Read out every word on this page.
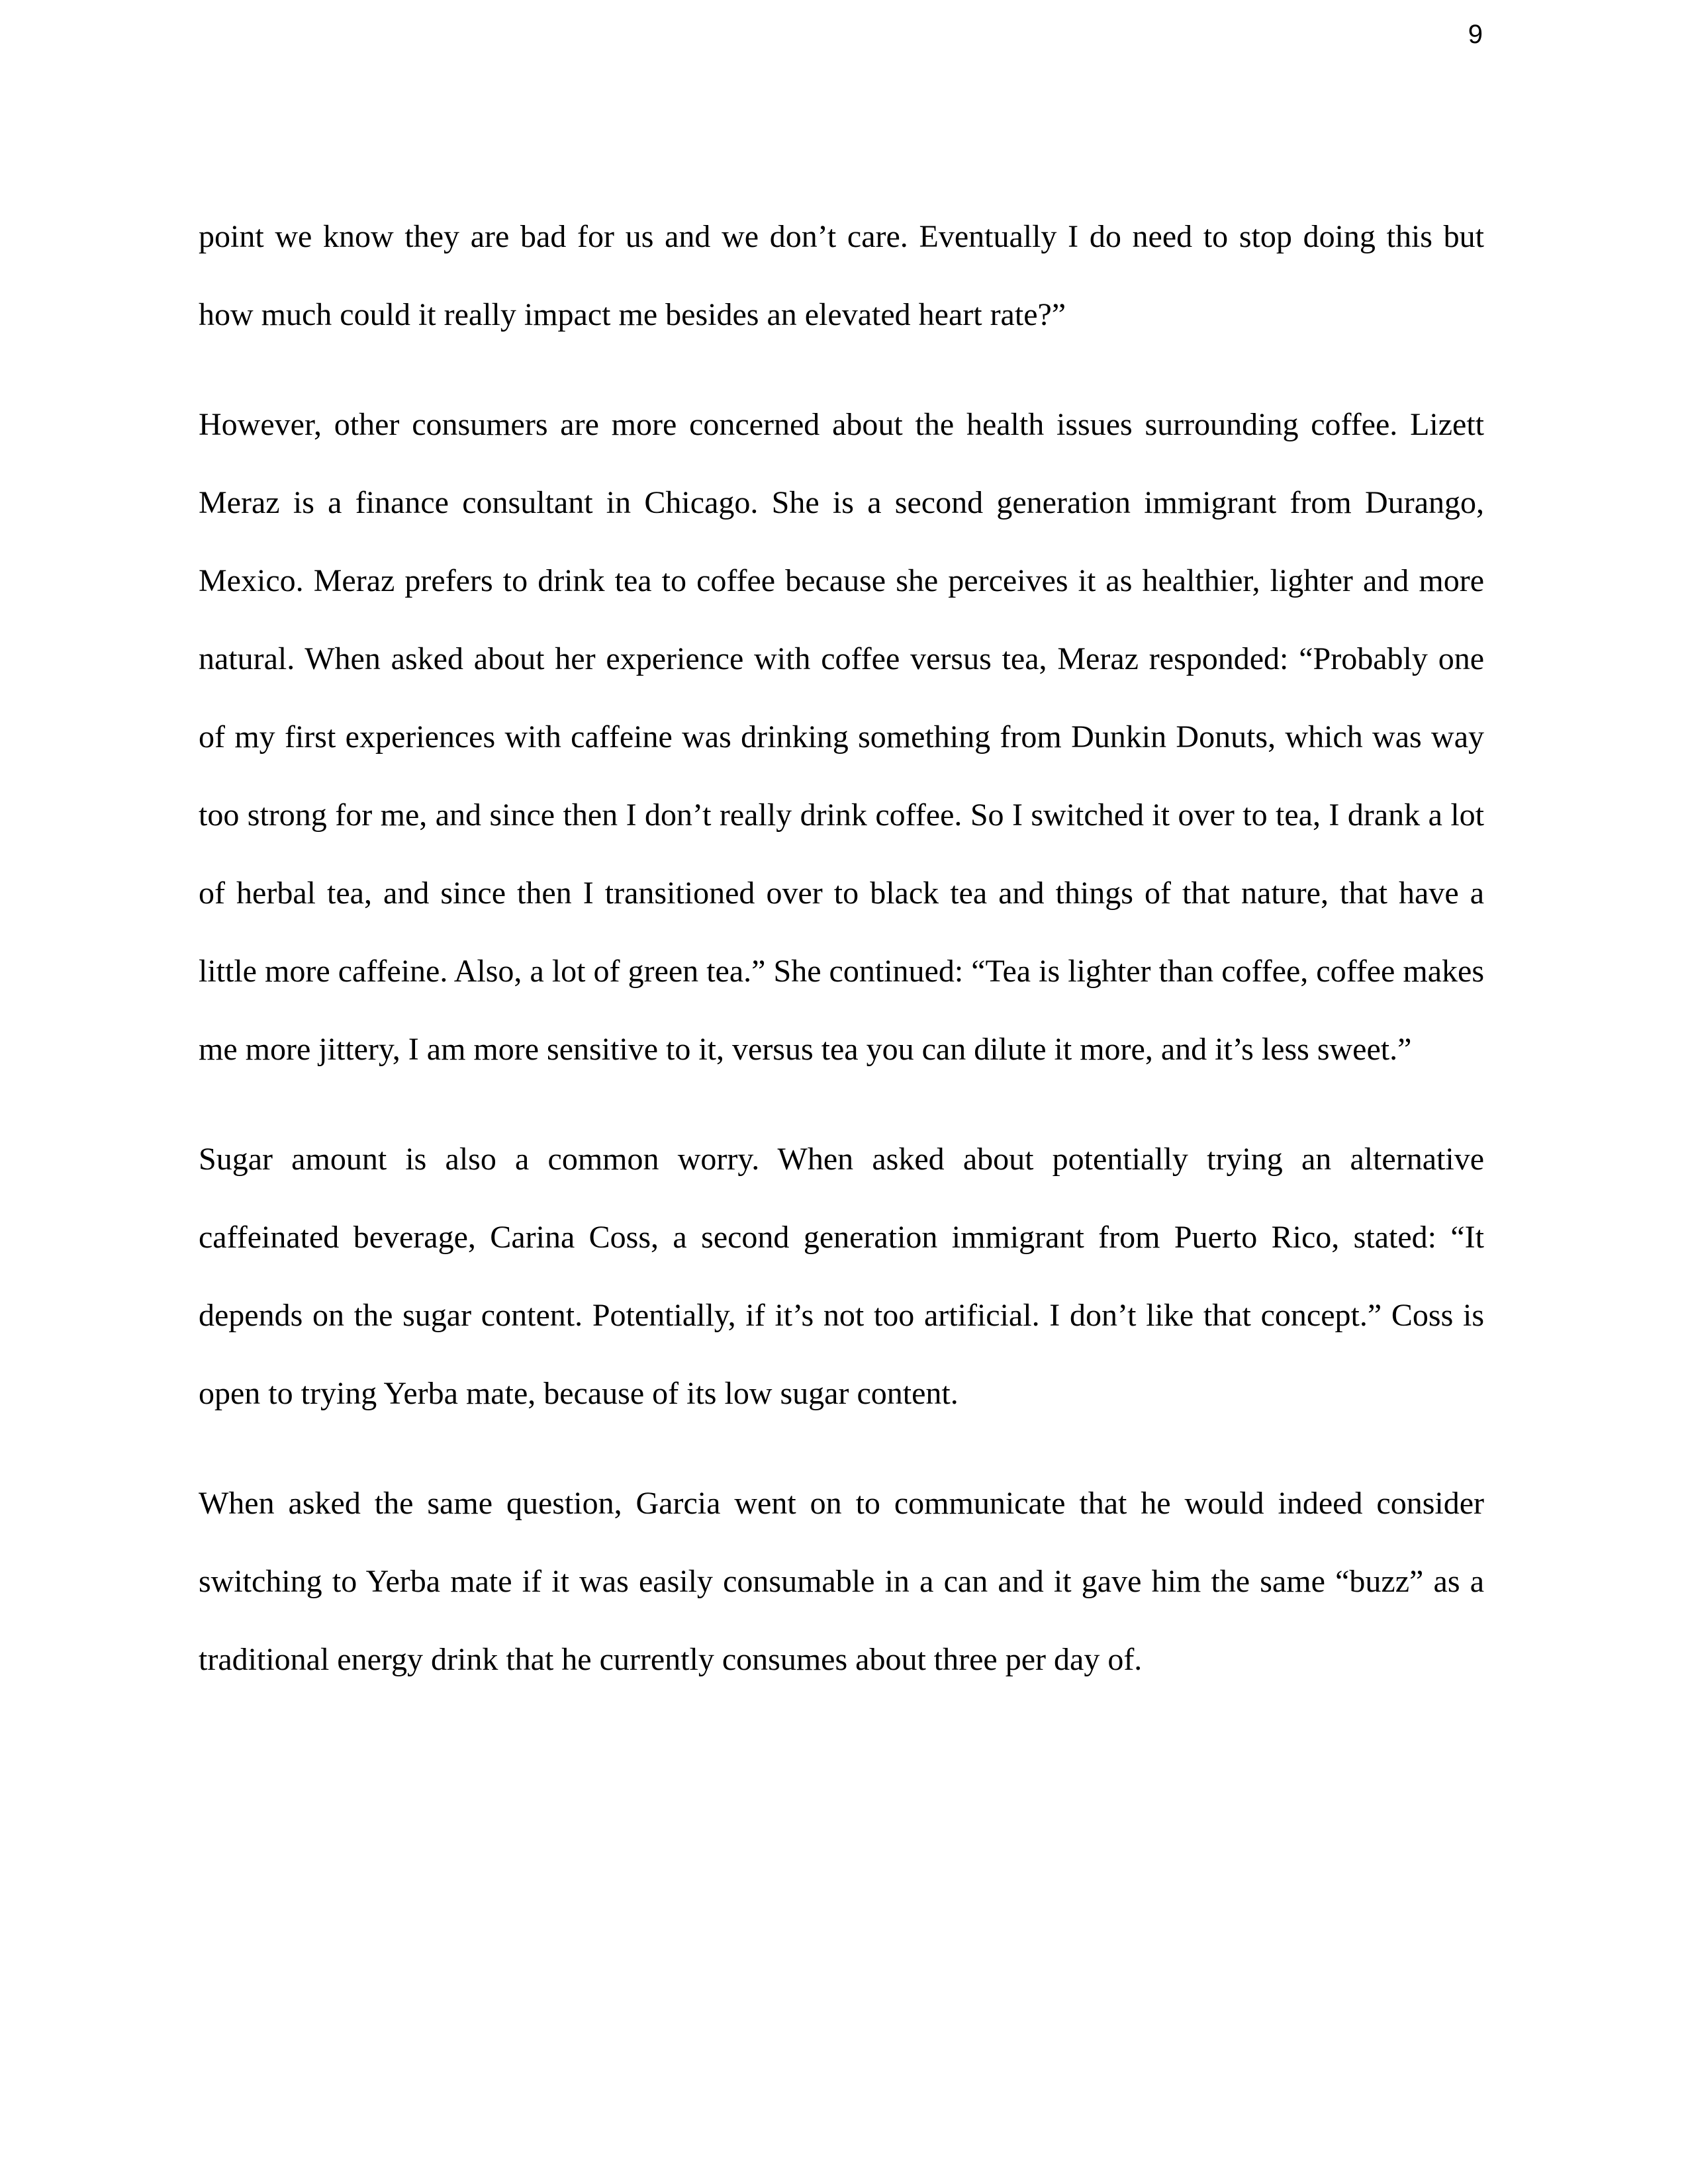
9

point we know they are bad for us and we don’t care. Eventually I do need to stop doing this but how much could it really impact me besides an elevated heart rate?”

However, other consumers are more concerned about the health issues surrounding coffee. Lizett Meraz is a finance consultant in Chicago. She is a second generation immigrant from Durango, Mexico. Meraz prefers to drink tea to coffee because she perceives it as healthier, lighter and more natural. When asked about her experience with coffee versus tea, Meraz responded: “Probably one of my first experiences with caffeine was drinking something from Dunkin Donuts, which was way too strong for me, and since then I don’t really drink coffee. So I switched it over to tea, I drank a lot of herbal tea, and since then I transitioned over to black tea and things of that nature, that have a little more caffeine. Also, a lot of green tea.” She continued: “Tea is lighter than coffee, coffee makes me more jittery, I am more sensitive to it, versus tea you can dilute it more, and it’s less sweet.”

Sugar amount is also a common worry. When asked about potentially trying an alternative caffeinated beverage, Carina Coss, a second generation immigrant from Puerto Rico, stated: “It depends on the sugar content. Potentially, if it’s not too artificial. I don’t like that concept.” Coss is open to trying Yerba mate, because of its low sugar content.

When asked the same question, Garcia went on to communicate that he would indeed consider switching to Yerba mate if it was easily consumable in a can and it gave him the same “buzz” as a traditional energy drink that he currently consumes about three per day of.
